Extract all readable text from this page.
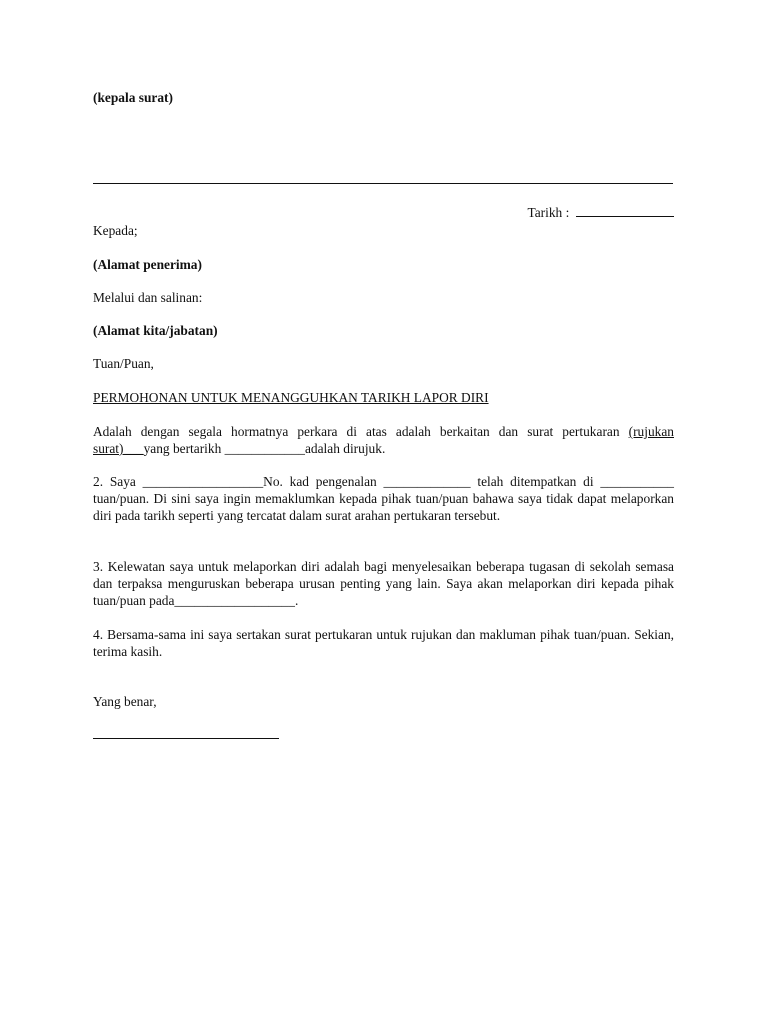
(kepala surat)

Tarikh :

Kepada;
(Alamat penerima)
Melalui dan salinan:
(Alamat kita/jabatan)
Tuan/Puan,
PERMOHONAN UNTUK MENANGGUHKAN TARIKH LAPOR DIRI
Adalah dengan segala hormatnya perkara di atas adalah berkaitan dan surat pertukaran (rujukan surat)___yang bertarikh ____________adalah dirujuk.
2. Saya __________________No. kad pengenalan _____________ telah ditempatkan di ___________ tuan/puan. Di sini saya ingin memaklumkan kepada pihak tuan/puan bahawa saya tidak dapat melaporkan diri pada tarikh seperti yang tercatat dalam surat arahan pertukaran tersebut.
3. Kelewatan saya untuk melaporkan diri adalah bagi menyelesaikan beberapa tugasan di sekolah semasa dan terpaksa menguruskan beberapa urusan penting yang lain. Saya akan melaporkan diri kepada pihak tuan/puan pada__________________.
4. Bersama-sama ini saya sertakan surat pertukaran untuk rujukan dan makluman pihak tuan/puan. Sekian, terima kasih.
Yang benar,
